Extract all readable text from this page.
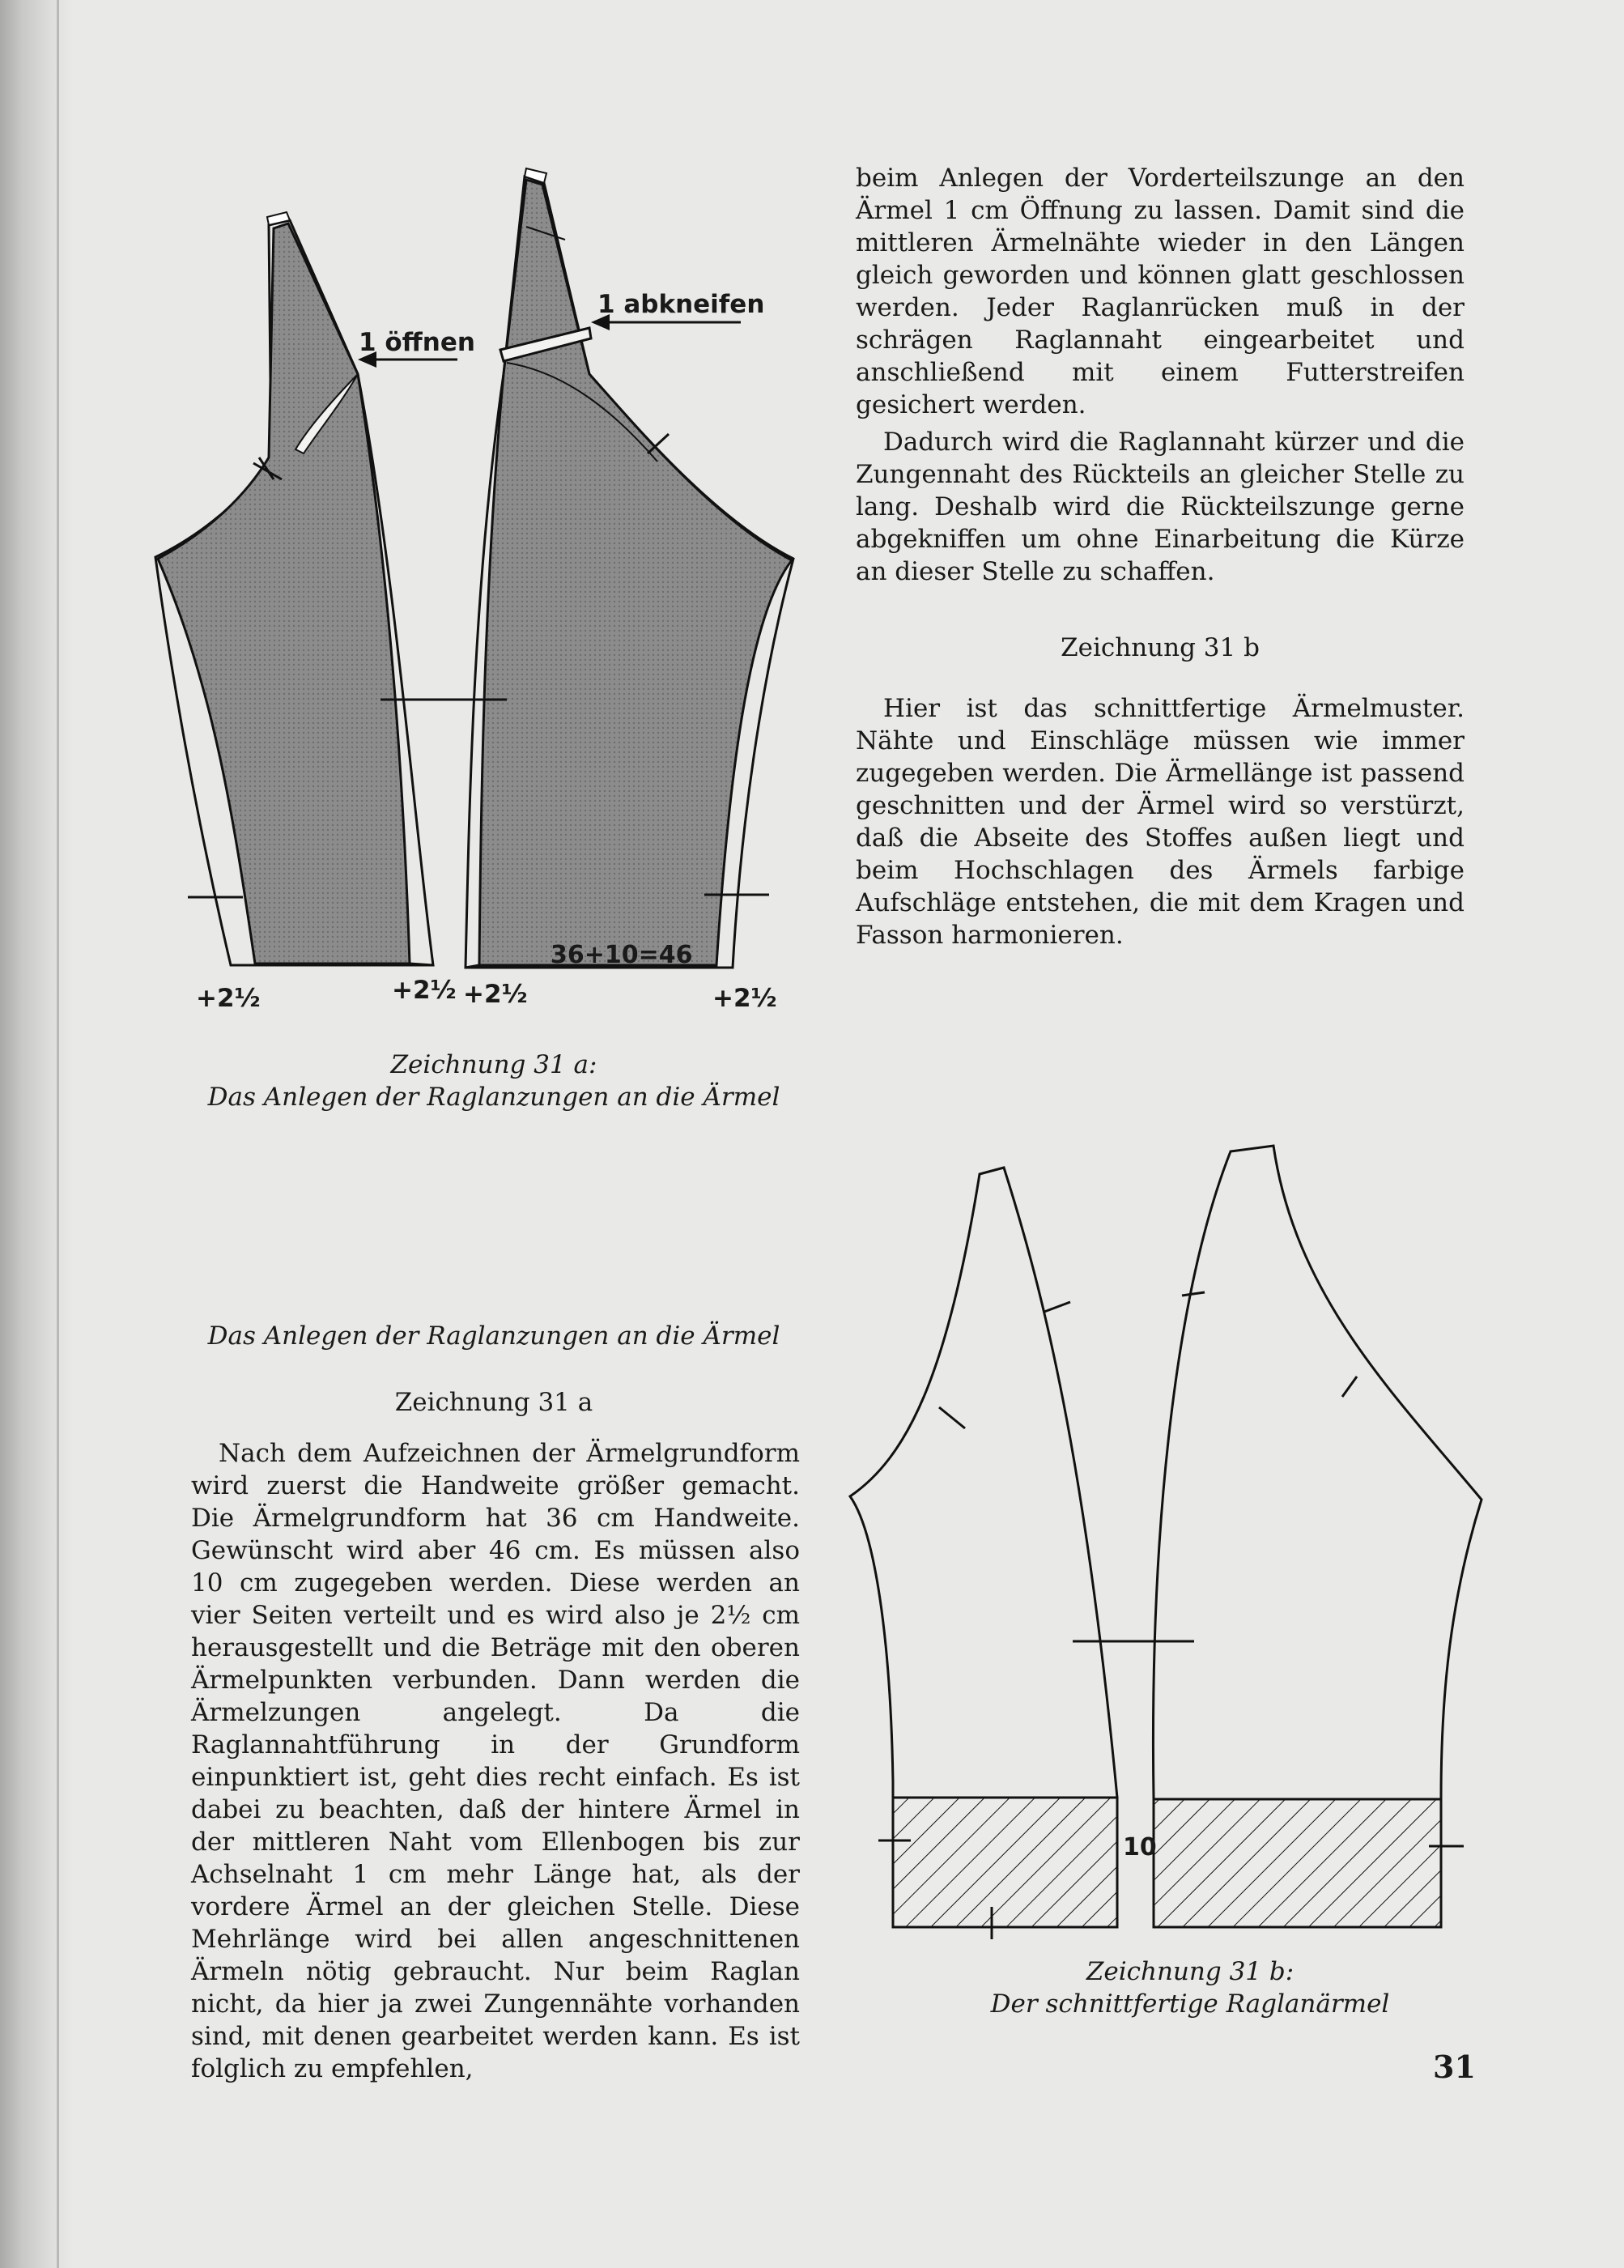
1 öffnen
1 abkneifen
36+10=46
+2½	+2½ +2½	+2½
Zeichnung 31 a:
Das Anlegen der Raglanzungen an die Ärmel

beim Anlegen der Vorderteilszunge an den Ärmel 1 cm Öffnung zu lassen. Damit sind die mittleren Ärmelnähte wieder in den Längen gleich geworden und können glatt geschlossen werden. Jeder Raglanrücken muß in der schrägen Raglannaht eingearbeitet und anschließend mit einem Futterstreifen gesichert werden.

Dadurch wird die Raglannaht kürzer und die Zungennaht des Rückteils an gleicher Stelle zu lang. Deshalb wird die Rückteilszunge gerne abgekniffen um ohne Einarbeitung die Kürze an dieser Stelle zu schaffen.

Zeichnung 31 b

Hier ist das schnittfertige Ärmelmuster. Nähte und Einschläge müssen wie immer zugegeben werden. Die Ärmellänge ist passend geschnitten und der Ärmel wird so verstürzt, daß die Abseite des Stoffes außen liegt und beim Hochschlagen des Ärmels farbige Aufschläge entstehen, die mit dem Kragen und Fasson harmonieren.

Das Anlegen der Raglanzungen an die Ärmel
Zeichnung 31 a

Nach dem Aufzeichnen der Ärmelgrundform wird zuerst die Handweite größer gemacht. Die Ärmelgrundform hat 36 cm Handweite. Gewünscht wird aber 46 cm. Es müssen also 10 cm zugegeben werden. Diese werden an vier Seiten verteilt und es wird also je 2½ cm herausgestellt und die Beträge mit den oberen Ärmelpunkten verbunden. Dann werden die Ärmelzungen angelegt. Da die Raglannahtführung in der Grundform einpunktiert ist, geht dies recht einfach. Es ist dabei zu beachten, daß der hintere Ärmel in der mittleren Naht vom Ellenbogen bis zur Achselnaht 1 cm mehr Länge hat, als der vordere Ärmel an der gleichen Stelle. Diese Mehrlänge wird bei allen angeschnittenen Ärmeln nötig gebraucht. Nur beim Raglan nicht, da hier ja zwei Zungennähte vorhanden sind, mit denen gearbeitet werden kann. Es ist folglich zu empfehlen,

10
Zeichnung 31 b:
Der schnittfertige Raglanärmel
31
